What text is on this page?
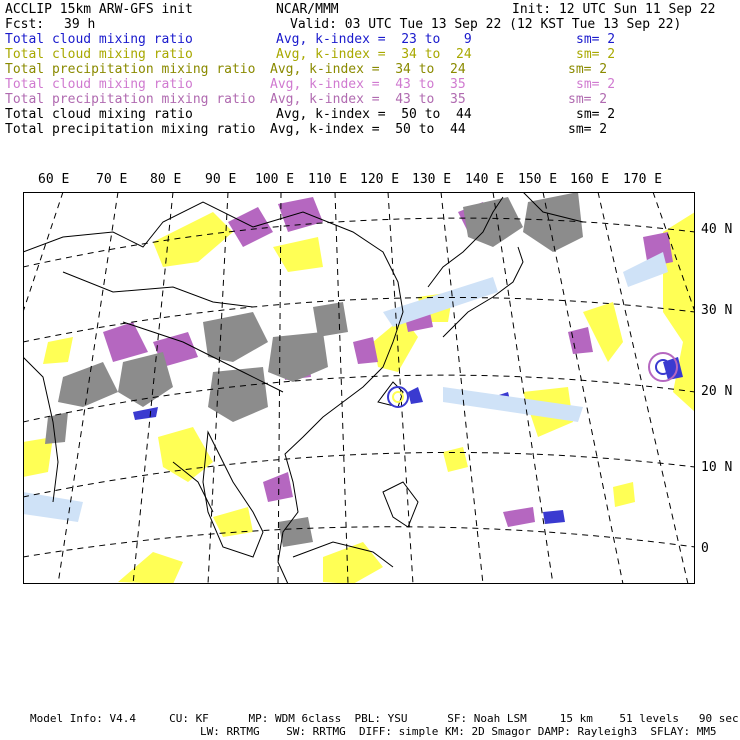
ACCLIP 15km ARW-GFS init	NCAR/MMM	Init: 12 UTC Sun 11 Sep 22
Fcst: 39 h	Valid: 03 UTC Tue 13 Sep 22 (12 KST Tue 13 Sep 22)
Total cloud mixing ratio	Avg, k-index =  23 to   9	sm= 2
Total cloud mixing ratio	Avg, k-index =  34 to  24	sm= 2
Total precipitation mixing ratio Avg, k-index =  34 to  24	sm= 2
Total cloud mixing ratio	Avg, k-index =  43 to  35	sm= 2
Total precipitation mixing ratio Avg, k-index =  43 to  35	sm= 2
Total cloud mixing ratio	Avg, k-index =  50 to  44	sm= 2
Total precipitation mixing ratio Avg, k-index =  50 to  44	sm= 2
60 E 70 E 80 E 90 E 100 E 110 E 120 E 130 E 140 E 150 E 160 E 170 E
40 N
30 N
20 N
10 N
0
Model Info: V4.4     CU: KF      MP: WDM 6class  PBL: YSU      SF: Noah LSM     15 km    51 levels   90 sec
LW: RRTMG    SW: RRTMG  DIFF: simple KM: 2D Smagor DAMP: Rayleigh3  SFLAY: MM5
